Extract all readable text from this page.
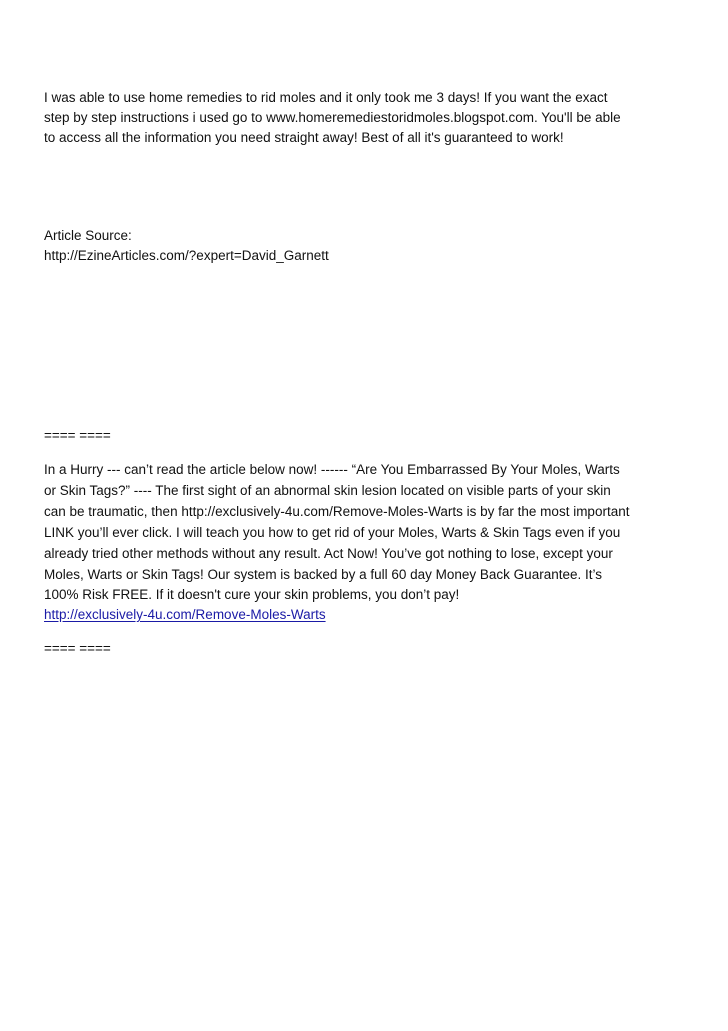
I was able to use home remedies to rid moles and it only took me 3 days! If you want the exact
step by step instructions i used go to www.homeremediestoridmoles.blogspot.com. You'll be able
to access all the information you need straight away! Best of all it's guaranteed to work!
Article Source:
http://EzineArticles.com/?expert=David_Garnett
==== ====
In a Hurry --- can’t read the article below now! ------ “Are You Embarrassed By Your Moles, Warts
or Skin Tags?” ---- The first sight of an abnormal skin lesion located on visible parts of your skin
can be traumatic, then http://exclusively-4u.com/Remove-Moles-Warts is by far the most important
LINK you’ll ever click. I will teach you how to get rid of your Moles, Warts & Skin Tags even if you
already tried other methods without any result. Act Now! You’ve got nothing to lose, except your
Moles, Warts or Skin Tags! Our system is backed by a full 60 day Money Back Guarantee. It’s
100% Risk FREE. If it doesn't cure your skin problems, you don’t pay!
http://exclusively-4u.com/Remove-Moles-Warts
==== ====
